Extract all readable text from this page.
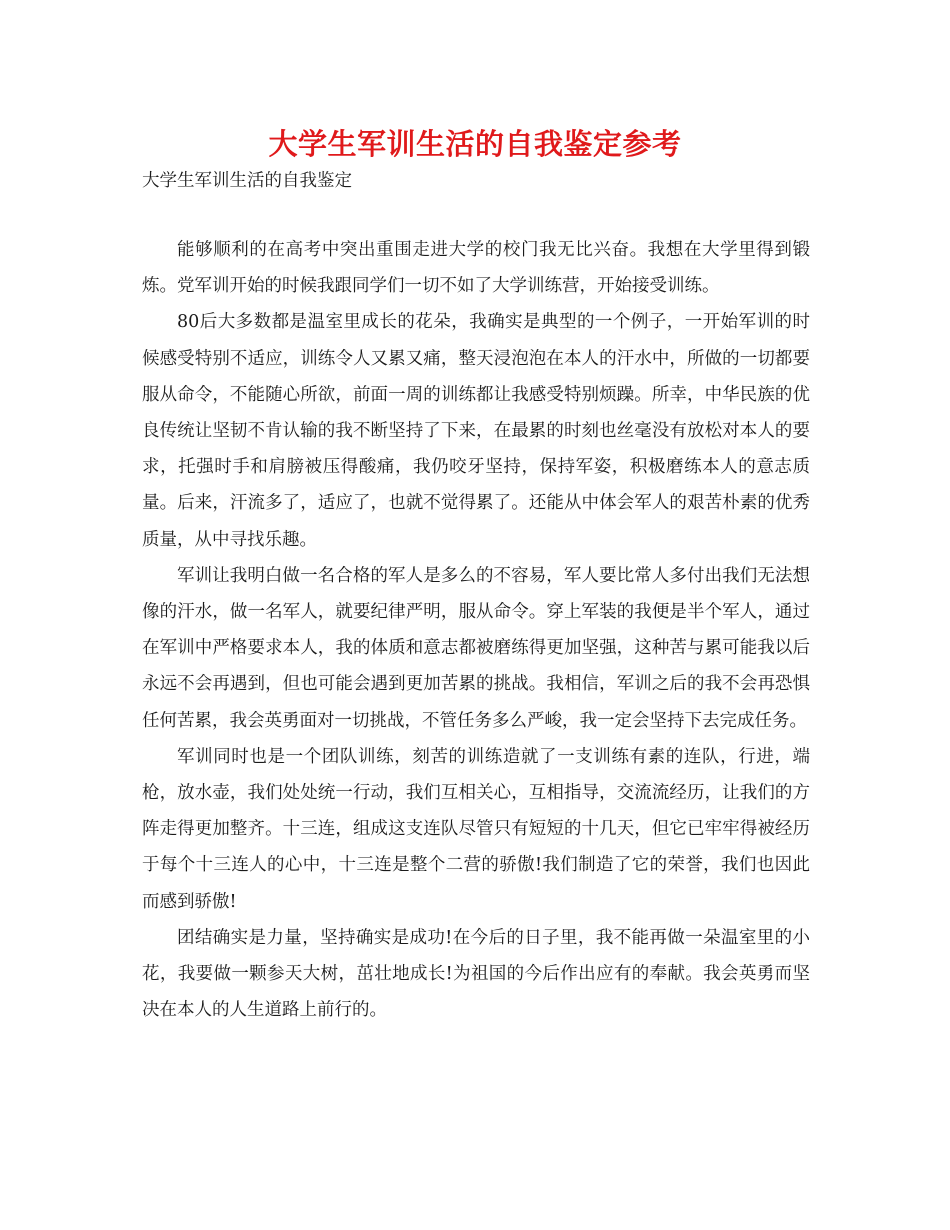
大学生军训生活的自我鉴定参考
大学生军训生活的自我鉴定

能够顺利的在高考中突出重围走进大学的校门我无比兴奋。我想在大学里得到锻炼。党军训开始的时候我跟同学们一切不如了大学训练营，开始接受训练。

80后大多数都是温室里成长的花朵，我确实是典型的一个例子，一开始军训的时候感受特别不适应，训练令人又累又痛，整天浸泡泡在本人的汗水中，所做的一切都要服从命令，不能随心所欲，前面一周的训练都让我感受特别烦躁。所幸，中华民族的优良传统让坚韧不肯认输的我不断坚持了下来，在最累的时刻也丝毫没有放松对本人的要求，托强时手和肩膀被压得酸痛，我仍咬牙坚持，保持军姿，积极磨练本人的意志质量。后来，汗流多了，适应了，也就不觉得累了。还能从中体会军人的艰苦朴素的优秀质量，从中寻找乐趣。

军训让我明白做一名合格的军人是多么的不容易，军人要比常人多付出我们无法想像的汗水，做一名军人，就要纪律严明，服从命令。穿上军装的我便是半个军人，通过在军训中严格要求本人，我的体质和意志都被磨练得更加坚强，这种苦与累可能我以后永远不会再遇到，但也可能会遇到更加苦累的挑战。我相信，军训之后的我不会再恐惧任何苦累，我会英勇面对一切挑战，不管任务多么严峻，我一定会坚持下去完成任务。

军训同时也是一个团队训练，刻苦的训练造就了一支训练有素的连队，行进，端枪，放水壶，我们处处统一行动，我们互相关心，互相指导，交流流经历，让我们的方阵走得更加整齐。十三连，组成这支连队尽管只有短短的十几天，但它已牢牢得被经历于每个十三连人的心中，十三连是整个二营的骄傲!我们制造了它的荣誉，我们也因此而感到骄傲!

团结确实是力量，坚持确实是成功!在今后的日子里，我不能再做一朵温室里的小花，我要做一颗参天大树，茁壮地成长!为祖国的今后作出应有的奉献。我会英勇而坚决在本人的人生道路上前行的。
